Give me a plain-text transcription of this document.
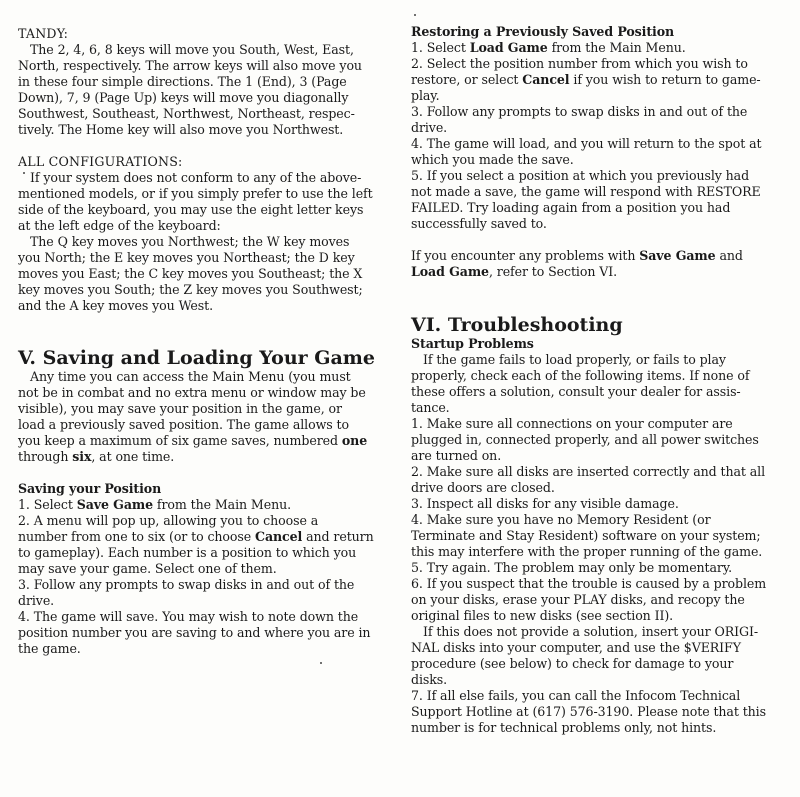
TANDY:
The 2, 4, 6, 8 keys will move you South, West, East,
North, respectively. The arrow keys will also move you
in these four simple directions. The 1 (End), 3 (Page
Down), 7, 9 (Page Up) keys will move you diagonally
Southwest, Southeast, Northwest, Northeast, respec-
tively. The Home key will also move you Northwest.
ALL CONFIGURATIONS:
If your system does not conform to any of the above-
mentioned models, or if you simply prefer to use the left
side of the keyboard, you may use the eight letter keys
at the left edge of the keyboard:
The Q key moves you Northwest; the W key moves
you North; the E key moves you Northeast; the D key
moves you East; the C key moves you Southeast; the X
key moves you South; the Z key moves you Southwest;
and the A key moves you West.
V. Saving and Loading Your Game
Any time you can access the Main Menu (you must
not be in combat and no extra menu or window may be
visible), you may save your position in the game, or
load a previously saved position. The game allows to
you keep a maximum of six game saves, numbered one
through six, at one time.
Saving your Position
1. Select Save Game from the Main Menu.
2. A menu will pop up, allowing you to choose a
number from one to six (or to choose Cancel and return
to gameplay). Each number is a position to which you
may save your game. Select one of them.
3. Follow any prompts to swap disks in and out of the
drive.
4. The game will save. You may wish to note down the
position number you are saving to and where you are in
the game.
Restoring a Previously Saved Position
1. Select Load Game from the Main Menu.
2. Select the position number from which you wish to
restore, or select Cancel if you wish to return to game-
play.
3. Follow any prompts to swap disks in and out of the
drive.
4. The game will load, and you will return to the spot at
which you made the save.
5. If you select a position at which you previously had
not made a save, the game will respond with RESTORE
FAILED. Try loading again from a position you had
successfully saved to.
If you encounter any problems with Save Game and
Load Game, refer to Section VI.
VI. Troubleshooting
Startup Problems
If the game fails to load properly, or fails to play
properly, check each of the following items. If none of
these offers a solution, consult your dealer for assis-
tance.
1. Make sure all connections on your computer are
plugged in, connected properly, and all power switches
are turned on.
2. Make sure all disks are inserted correctly and that all
drive doors are closed.
3. Inspect all disks for any visible damage.
4. Make sure you have no Memory Resident (or
Terminate and Stay Resident) software on your system;
this may interfere with the proper running of the game.
5. Try again. The problem may only be momentary.
6. If you suspect that the trouble is caused by a problem
on your disks, erase your PLAY disks, and recopy the
original files to new disks (see section II).
If this does not provide a solution, insert your ORIGI-
NAL disks into your computer, and use the $VERIFY
procedure (see below) to check for damage to your
disks.
7. If all else fails, you can call the Infocom Technical
Support Hotline at (617) 576-3190. Please note that this
number is for technical problems only, not hints.
